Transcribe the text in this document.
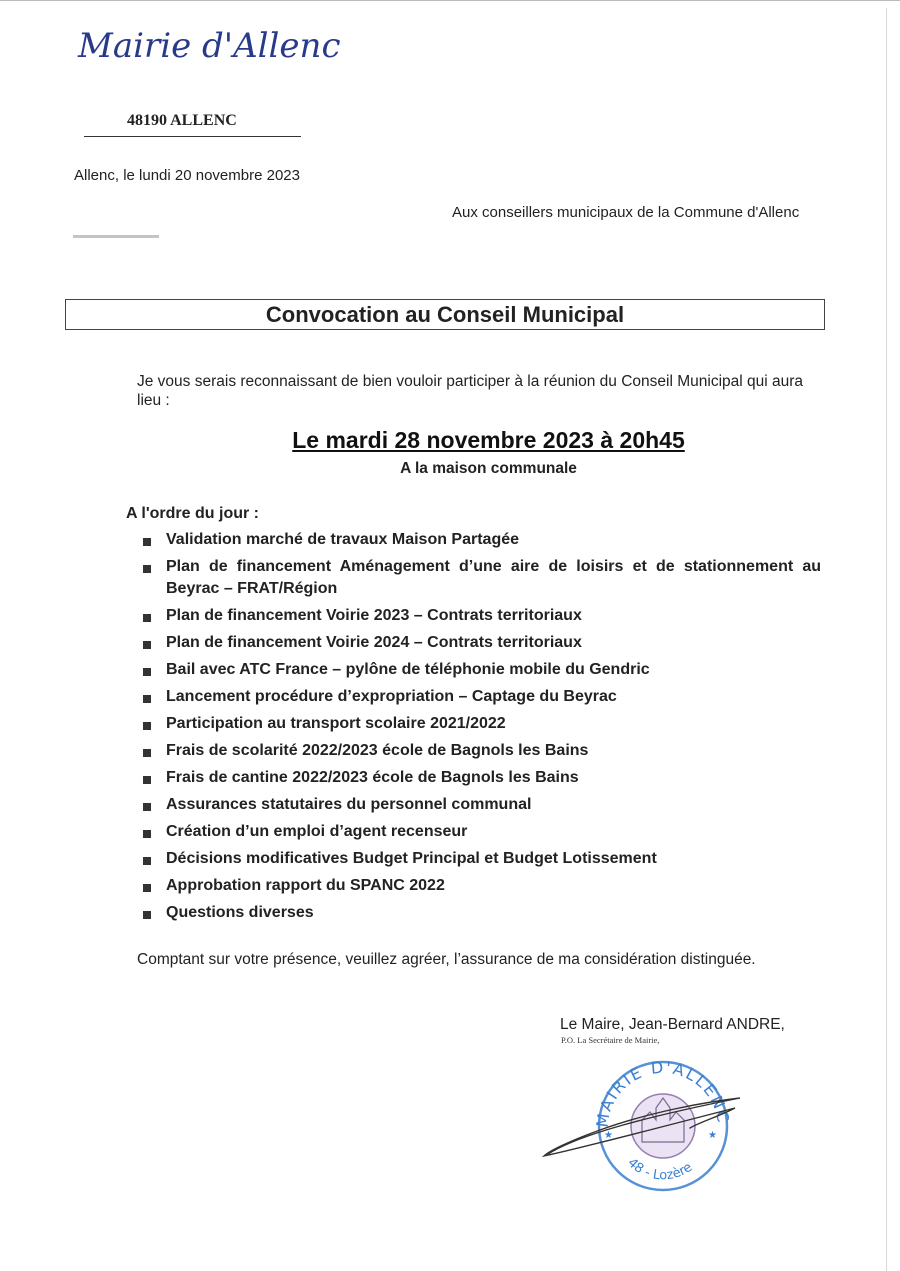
Mairie d'Allenc
48190 ALLENC
Allenc, le lundi 20 novembre 2023
Aux conseillers municipaux de la Commune d'Allenc
Convocation au Conseil Municipal
Je vous serais reconnaissant de bien vouloir participer à la réunion du Conseil Municipal qui aura lieu :
Le mardi 28 novembre 2023 à 20h45
A la maison communale
A l'ordre du jour :
Validation marché de travaux Maison Partagée
Plan de financement Aménagement d’une aire de loisirs et de stationnement au Beyrac – FRAT/Région
Plan de financement Voirie 2023 – Contrats territoriaux
Plan de financement Voirie 2024 – Contrats territoriaux
Bail avec ATC France – pylône de téléphonie mobile du Gendric
Lancement procédure d’expropriation – Captage du Beyrac
Participation au transport scolaire 2021/2022
Frais de scolarité 2022/2023 école de Bagnols les Bains
Frais de cantine 2022/2023 école de Bagnols les Bains
Assurances statutaires du personnel communal
Création d’un emploi d’agent recenseur
Décisions modificatives Budget Principal et Budget Lotissement
Approbation rapport du SPANC 2022
Questions diverses
Comptant sur votre présence, veuillez agréer, l’assurance de ma considération distinguée.
Le Maire, Jean-Bernard ANDRE,
P.O. La Secrétaire de Mairie,
MAIRIE D'ALLENC
48 - Lozère
★	★
